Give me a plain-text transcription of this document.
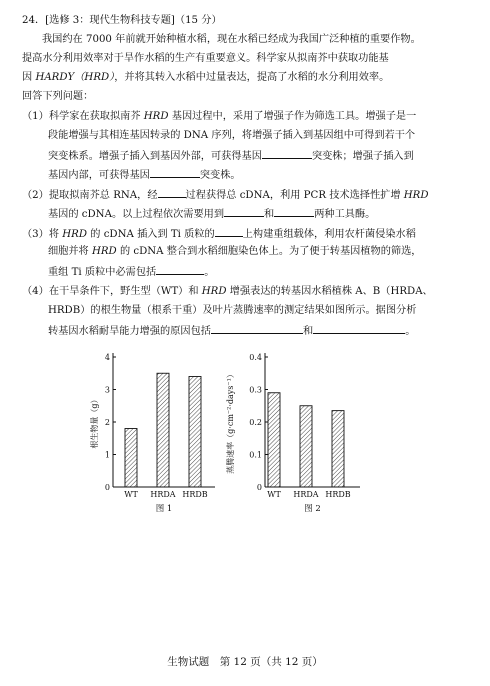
24．[选修 3：现代生物科技专题]（15 分）
我国约在 7000 年前就开始种植水稻，现在水稻已经成为我国广泛种植的重要作物。
提高水分利用效率对于旱作水稻的生产有重要意义。科学家从拟南芥中获取功能基
因 HARDY（HRD），并将其转入水稻中过量表达，提高了水稻的水分利用效率。
回答下列问题：
（1）科学家在获取拟南芥 HRD 基因过程中，采用了增强子作为筛选工具。增强子是一
段能增强与其相连基因转录的 DNA 序列，将增强子插入到基因组中可得到若干个
突变株系。增强子插入到基因外部，可获得基因	突变株；增强子插入到
基因内部，可获得基因	突变株。
（2）提取拟南芥总 RNA，经	过程获得总 cDNA，利用 PCR 技术选择性扩增 HRD
基因的 cDNA。以上过程依次需要用到	和	两种工具酶。
（3）将 HRD 的 cDNA 插入到 Ti 质粒的	上构建重组载体，利用农杆菌侵染水稻
细胞并将 HRD 的 cDNA 整合到水稻细胞染色体上。为了便于转基因植物的筛选，
重组 Ti 质粒中必需包括	。
（4）在干旱条件下，野生型（WT）和 HRD 增强表达的转基因水稻植株 A、B（HRDA、
HRDB）的根生物量（根系干重）及叶片蒸腾速率的测定结果如图所示。据图分析
转基因水稻耐旱能力增强的原因包括	和	。
0
1
2
3
4
WT HRDA HRDB
根生物量（g）
图 1
0
0.1
0.2
0.3
0.4
WT HRDA HRDB
蒸腾速率（g·cm⁻²·days⁻¹）
图 2
生物试题　第 12 页（共 12 页）
